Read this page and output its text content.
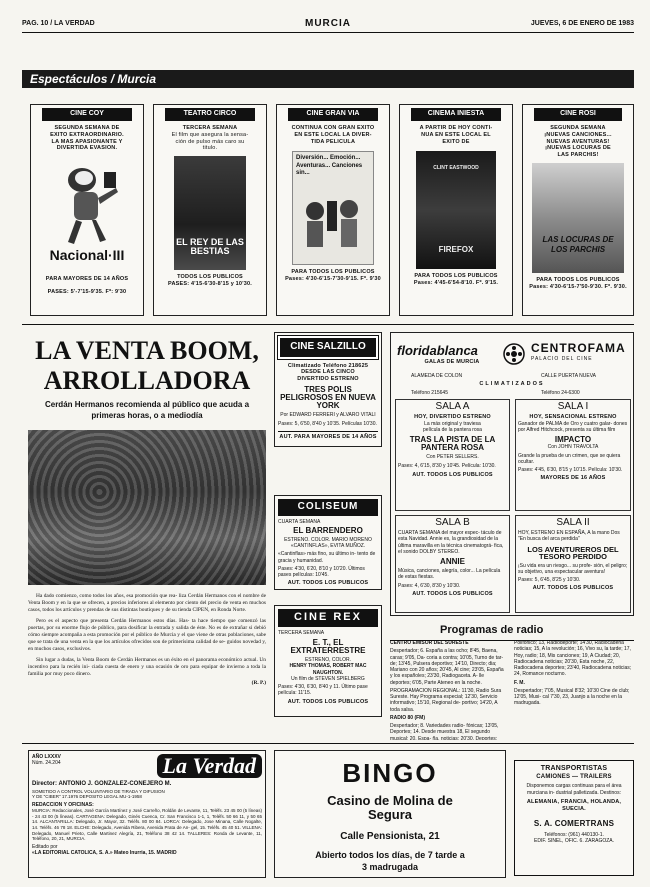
PAG. 10 / LA VERDAD	MURCIA	JUEVES, 6 DE ENERO DE 1983
Espectáculos / Murcia
CINE COY
SEGUNDA SEMANA DE
EXITO EXTRAORDINARIO.
LA MAS APASIONANTE Y
DIVERTIDA EVASION.
Nacional·III
PARA MAYORES DE 14 AÑOS
PASES: 5'-7'15-9'35. Fº: 9'30
TEATRO CIRCO
TERCERA SEMANA
El film que asegura la sensa-
ción de pulso más caro su
titulo.
EL REY DE LAS BESTIAS
TODOS LOS PUBLICOS
PASES: 4'15-6'30-8'15 y 10'30.
CINE GRAN VIA
CONTINUA CON GRAN EXITO
EN ESTE LOCAL LA DIVER-
TIDA PELICULA
Diversión... Emoción... Aventuras... Canciones sin...
PARA TODOS LOS PUBLICOS
Pases: 4'30-6'15-7'30-9'15. Fº. 9'30
CINEMA INIESTA
A PARTIR DE HOY CONTI-
NUA EN ESTE LOCAL EL
EXITO DE
CLINT EASTWOOD
FIREFOX
PARA TODOS LOS PUBLICOS
Pases: 4'45-6'54-8'10. Fº. 9'15.
CINE ROSI
SEGUNDA SEMANA
¡NUEVAS CANCIONES...
NUEVAS AVENTURAS!
¡NUEVAS LOCURAS DE
LAS PARCHIS!
LAS LOCURAS DE LOS PARCHIS
PARA TODOS LOS PUBLICOS
Pases: 4'30-6'15-7'50-9'30. Fº. 9'30.
LA VENTA BOOM,
ARROLLADORA
Cerdán Hermanos recomienda al público que acuda a primeras horas, o a mediodía

Ha dado comienzo, como todos los años, esa promoción que rea- liza Cerdán Hermanos con el nombre de Venta Boom y en la que se ofrecen, a precios inferiores al elemento por ciento del precio de venta en muchos casos, todos los artículos y prendas de sus distintas boutiques y de su tienda CIPEN, en Ronda Norte.

Pero es el aspecto que presenta Cerdán Hermanos estos días. Has- ta hace tiempo que comenzó las puertas, por su enorme flujo de público, para dosificar la entrada y salida de éste. No es de extrañar si debió cómo siempre acompaña a esta promoción por el público de Murcia y el que viene de otras poblaciones, sabe que se trata de una venta en la que los artículos ofrecidos son de primerísima calidad de se- guidos novedad y, en muchos casos, exclusivos.

Sin lugar a dudas, la Venta Boom de Cerdán Hermanos es un éxito en el panorama económico actual. Un incentivo para la recién ini- ciada cuesta de enero y una ocasión de oro para equipar de invierno a toda la familia por muy poco dinero.

(R. P.)
CINE SALZILLO
Climatizado Teléfono 218625
DESDE LAS CINCO
DIVERTIDO ESTRENO
TRES POLIS PELIGROSOS EN NUEVA YORK
Por EDWARD FERRERI y ALVARO VITALI
Pases: 5, 6'50, 8'40 y 10'35. Películas 10'30.
AUT. PARA MAYORES DE 14 AÑOS
COLISEUM
CUARTA SEMANA
EL BARRENDERO
ESTRENO. COLOR. MARIO MORENO «CANTINFLAS», EVITA MUÑOZ.
«Cantinflas» más fino, su último in- tento de gracia y humanidad.
Pases: 4'30, 6'20, 8'10 y 10'20. Últimos pases películas: 10'45.
AUT. TODOS LOS PUBLICOS
CINE REX
TERCERA SEMANA
E. T., EL EXTRATERRESTRE
ESTRENO, COLOR.
HENRY THOMAS, ROBERT MAC NAUGHTON.
Un film de STEVEN SPIELBERG
Pases: 4'30, 6'30, 8'40 y 11. Último pase película: 11'15.
AUT. TODOS LOS PUBLICOS
floridablanca
GALAS DE MURCIA
CENTROFAMA
PALACIO DEL CINE
ALAMEDA DE COLON	CALLE PUERTA NUEVA
CLIMATIZADOS
Teléfono 215645	Teléfono 24-6300
SALA A
HOY, DIVERTIDO ESTRENO
La más original y traviesa
película de la pantera rosa
TRAS LA PISTA DE LA PANTERA ROSA
Con PETER SELLERS.
Pases: 4, 6'15, 8'30 y 10'45. Película: 10'30.
AUT. TODOS LOS PUBLICOS
SALA B
CUARTA SEMANA del mayor espec- táculo de esta Navidad. Annie es, la grandiosidad de la última maravilla en la técnica cinematográ- fica, el sonido DOLBY STEREO.
ANNIE
Música, canciones, alegría, color... La película de estas fiestas.
Pases: 4, 6'30, 8'30 y 10'30.
AUT. TODOS LOS PUBLICOS
SALA I
HOY, SENSACIONAL ESTRENO
Ganador de PALMA de Oro y cuatro galar- dones por Alfred Hitchcock, presenta su última film
IMPACTO
Con JOHN TRAVOLTA
Grande la prueba de un crimen, que se quiera ocultar.
Pases: 4'45, 6'30, 8'15 y 10'15. Película: 10'30.
MAYORES DE 16 AÑOS
SALA II
HOY, ESTRENO EN ESPAÑA, A la mano Dos "En busca del arca perdida"
LOS AVENTUREROS DEL TESORO PERDIDO
¡Su vida era un riesgo... su profe- sión, el peligro; su objetivo, una espectacular aventura!
Pases: 5, 6'45, 8'25 y 10'30.
AUT. TODOS LOS PUBLICOS
Programas de radio

CENTRO EMISOR DEL SURESTE

Despertador; 6. España a las ocho; 8'45, Baena, caras; 9'05, Da- coria a contra; 10'05, Turno de tar- de; 13'45, Pulsera deportivo; 14'10, Directo; dia; Mariano con 20 años; 20'45, Al cine; 23'05, España y los españoles; 23'30, Radiogaceta. A- lle deportes; 6'05, Parte Ateneo en la noche.

PROGRAMACION REGIONAL: 11'30, Radio Sura Sureste. Hay Programa especial; 12'30, Servicio informativo; 15'10, Regional de- portivo; 14'20, A toda salsa.

RADIO 80 (FM)

Despertador; 8. Variedades radio- fónicas; 13'05, Deportes; 14. Desde muestra 18, El segundo musical; 20, Espa- ña, noticias; 20'30, Deportes;

Polifónico; 13, Radiodeporte; 14'30, Radiocadena noticias; 15, A la revolución; 16, Vivo su, la tarde; 17, Hoy, radio; 18, Mis canciones; 19, A Ciudad; 20, Radiocadena noticias; 20'30, Esta noche, 22, Radiocadena deportes; 23'40, Radiocadena noticias; 24, Romance nocturno.

F. M.

Despertador; 7'05, Musical 8'32; 10'30 Cine de club; 12'05, Musi- cal 7'30, 23, Juanjo a la noche en la madrugada.

AÑO LXXXV
Núm. 24.204	La Verdad
Director: ANTONIO J. GONZALEZ-CONEJERO M.
SOMETIDO A CONTROL VOLUNTARIO DE TIRADA Y DIFUSION
Y DE "CIBER" 17.1976 DEPOSITO LEGAL MU-1-1958
REDACCION Y OFICINAS:
MURCIA: Redaccionales, José García Martínez y José Carreño, Roldán de Levante, 11, Teléfs. 23 45 00 (5 líneas) - 24 43 00 (5 líneas). CARTAGENA: Delegado, Ginés Cuenca, Cr. San Francisco 1-1, 1, Teléfs. 50 66 11, y 50 65 14. ALCANTARILLA: Delegado, Jr. Mayor, 32. Teléfs. 80 00 84. LORCA: Delegado, Jose Minana, Calle Nogalte, 14. Teléfs. 46 78 18. ELCHE: Delegado, Avenida Ribera, Avenida Prata de An- gel, 15. Teléfs. 45 40 51. VILLENA: Delegado, Manuel Prieto, Calle Martinez Alegría, 21, Teléfono 38 42 14. TALLERES: Ronda de Levante, 11, Teléfono, 20, 21, MURCIA.
Editado por
«LA EDITORIAL CATOLICA, S. A.» Mateo Inurria, 15. MADRID
BINGO
Casino de Molina de Segura
Calle Pensionista, 21
Abierto todos los días, de 7 tarde a 3 madrugada
TRANSPORTISTAS
CAMIONES — TRAILERS
Disponemos cargas continuas para el área murciana in- dustrial palletizada. Destinos:
ALEMANIA, FRANCIA, HOLANDA, SUECIA.
S. A. COMERTRANS
Teléfonos: (961) 440130-1.
EDIF. SINEL, OFIC. 6. ZARAGOZA.
